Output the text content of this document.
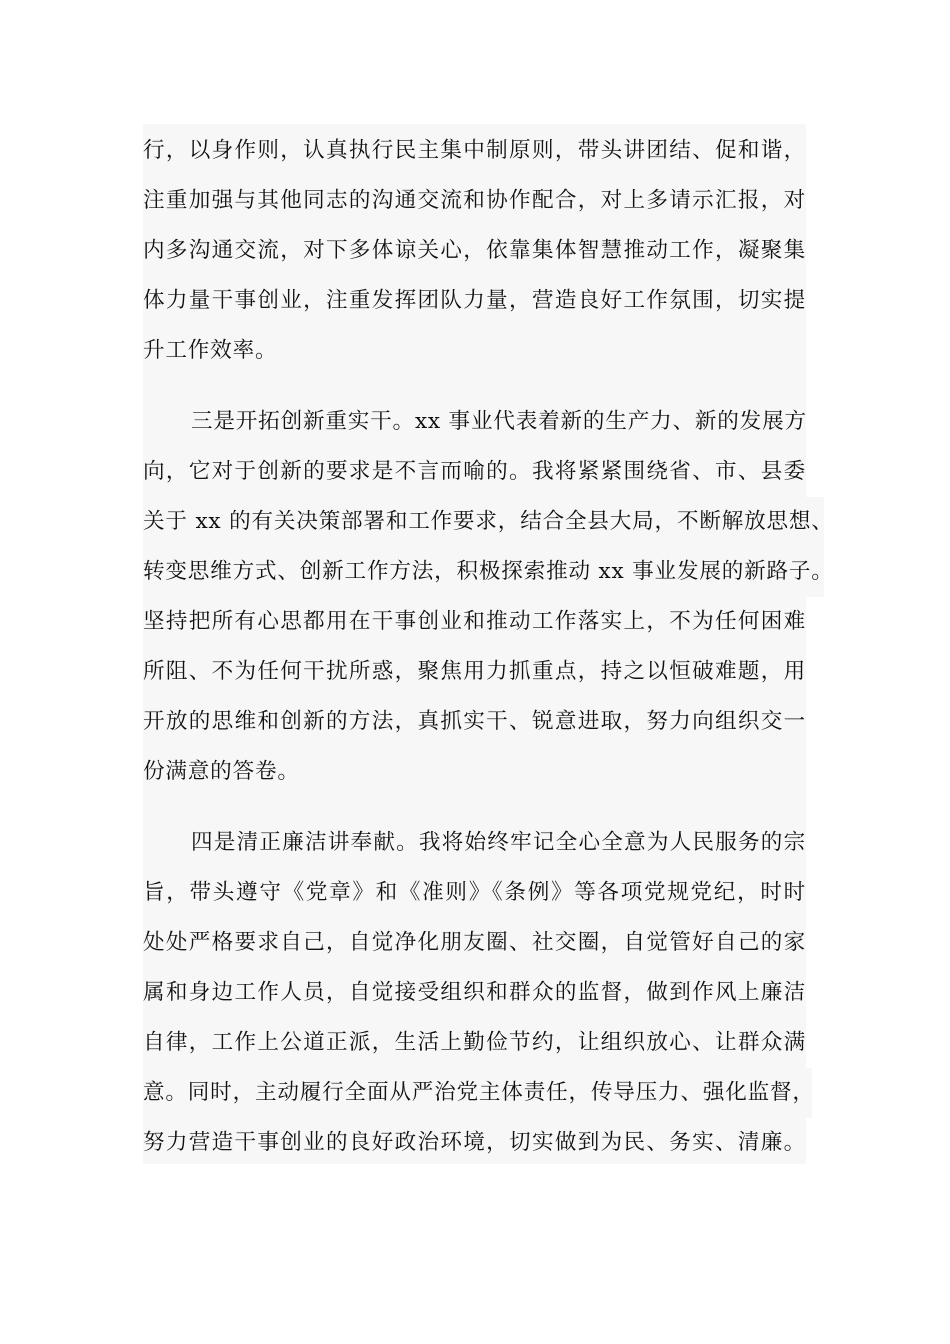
行，以身作则，认真执行民主集中制原则，带头讲团结、促和谐，
注重加强与其他同志的沟通交流和协作配合，对上多请示汇报，对
内多沟通交流，对下多体谅关心，依靠集体智慧推动工作，凝聚集
体力量干事创业，注重发挥团队力量，营造良好工作氛围，切实提
升工作效率。
三是开拓创新重实干。xx 事业代表着新的生产力、新的发展方
向，它对于创新的要求是不言而喻的。我将紧紧围绕省、市、县委
关于 xx 的有关决策部署和工作要求，结合全县大局，不断解放思想、
转变思维方式、创新工作方法，积极探索推动 xx 事业发展的新路子。
坚持把所有心思都用在干事创业和推动工作落实上，不为任何困难
所阻、不为任何干扰所惑，聚焦用力抓重点，持之以恒破难题，用
开放的思维和创新的方法，真抓实干、锐意进取，努力向组织交一
份满意的答卷。
四是清正廉洁讲奉献。我将始终牢记全心全意为人民服务的宗
旨，带头遵守《党章》和《准则》《条例》等各项党规党纪，时时
处处严格要求自己，自觉净化朋友圈、社交圈，自觉管好自己的家
属和身边工作人员，自觉接受组织和群众的监督，做到作风上廉洁
自律，工作上公道正派，生活上勤俭节约，让组织放心、让群众满
意。同时，主动履行全面从严治党主体责任，传导压力、强化监督，
努力营造干事创业的良好政治环境，切实做到为民、务实、清廉。
